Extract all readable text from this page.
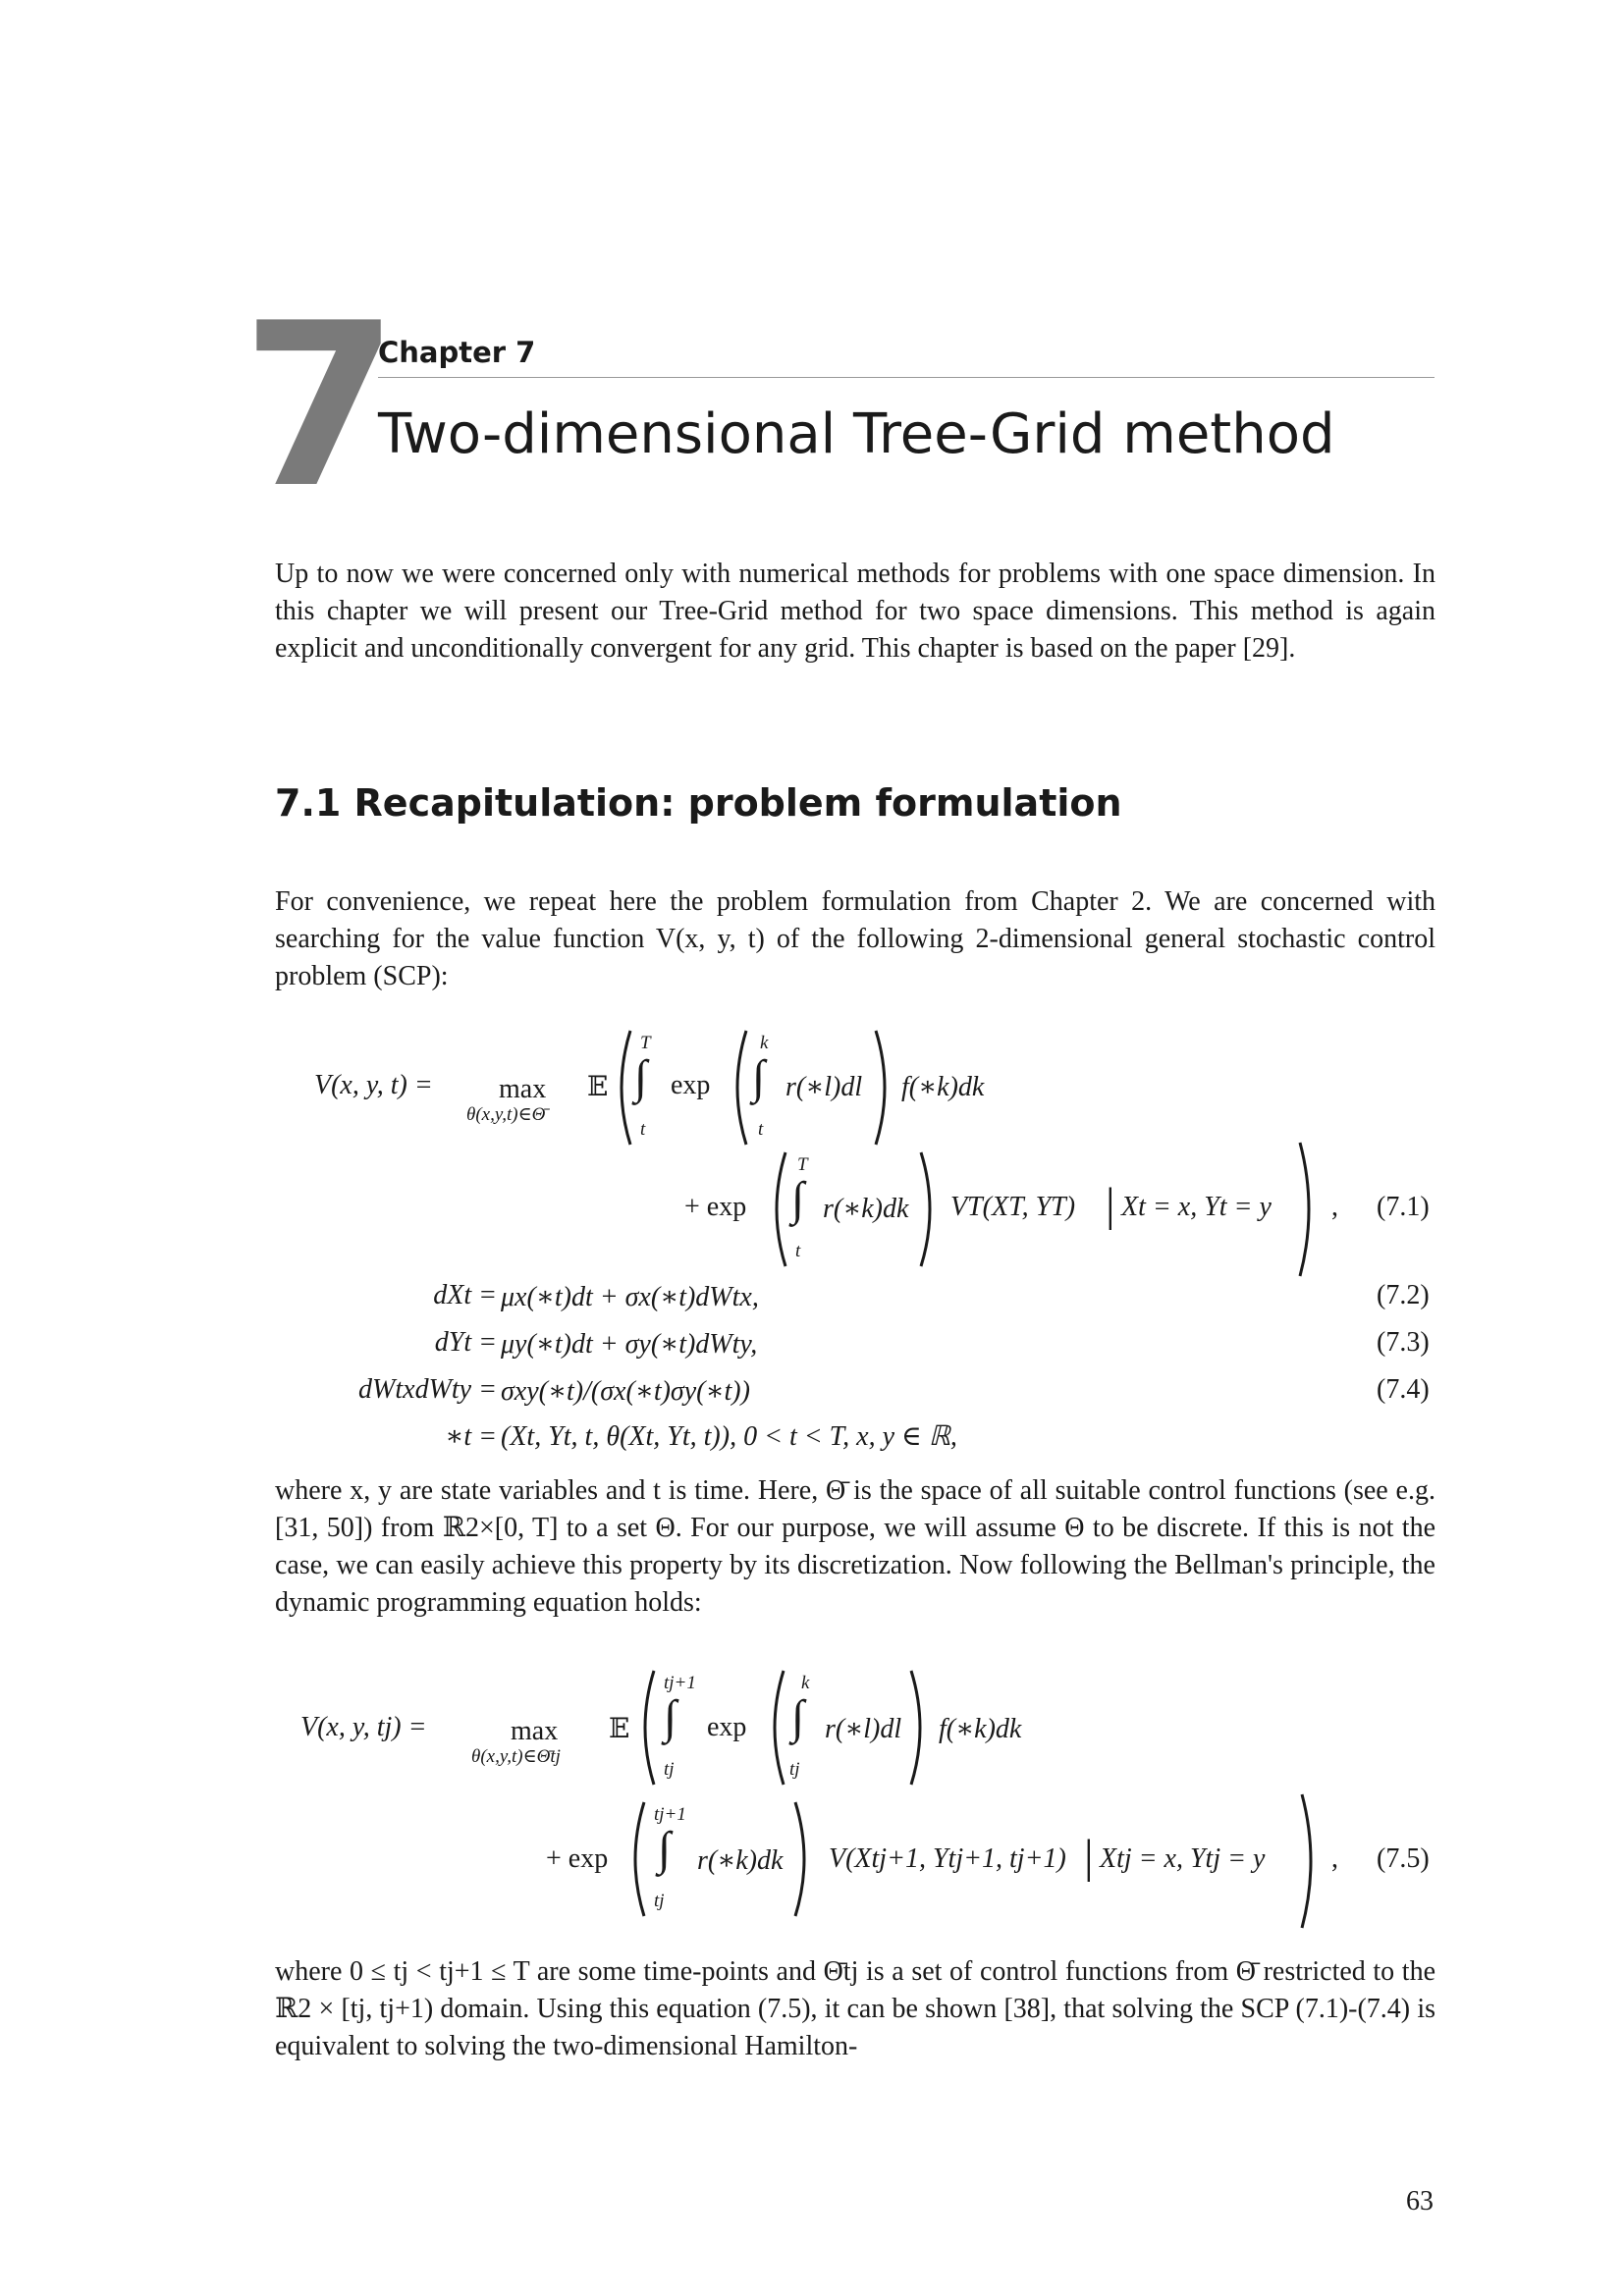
7
Chapter 7
Two-dimensional Tree-Grid method
Up to now we were concerned only with numerical methods for problems with one space dimension. In this chapter we will present our Tree-Grid method for two space dimensions. This method is again explicit and unconditionally convergent for any grid. This chapter is based on the paper [29].
7.1 Recapitulation: problem formulation
For convenience, we repeat here the problem formulation from Chapter 2. We are concerned with searching for the value function V(x, y, t) of the following 2-dimensional general stochastic control problem (SCP):
V(x, y, t) = max
θ(x,y,t)∈Θ̄
𝔼
T
∫
t
exp
k
∫
t
r(∗l)dl f(∗k)dk
+ exp
T
∫
t
r(∗k)dk VT(XT, YT) | Xt = x, Yt = y , (7.1)
dXt = μx(∗t)dt + σx(∗t)dWtx,	(7.2)
dYt = μy(∗t)dt + σy(∗t)dWty,	(7.3)
dWtxdWty = σxy(∗t)/(σx(∗t)σy(∗t))	(7.4)
∗t = (Xt, Yt, t, θ(Xt, Yt, t)), 0 < t < T, x, y ∈ ℝ,
where x, y are state variables and t is time. Here, Θ̄ is the space of all suitable control functions (see e.g. [31, 50]) from ℝ2×[0, T] to a set Θ. For our purpose, we will assume Θ to be discrete. If this is not the case, we can easily achieve this property by its discretization. Now following the Bellman's principle, the dynamic programming equation holds:
V(x, y, tj) =	max
θ(x,y,t)∈Θ̄tj
𝔼
tj+1
∫
tj
exp
k
∫
tj
r(∗l)dl f(∗k)dk
+ exp
tj+1
∫
tj
r(∗k)dk V(Xtj+1, Ytj+1, tj+1) | Xtj = x, Ytj = y , (7.5)
where 0 ≤ tj < tj+1 ≤ T are some time-points and Θ̄tj is a set of control functions from Θ̄ restricted to the ℝ2 × [tj, tj+1) domain. Using this equation (7.5), it can be shown [38], that solving the SCP (7.1)-(7.4) is equivalent to solving the two-dimensional Hamilton-
63
